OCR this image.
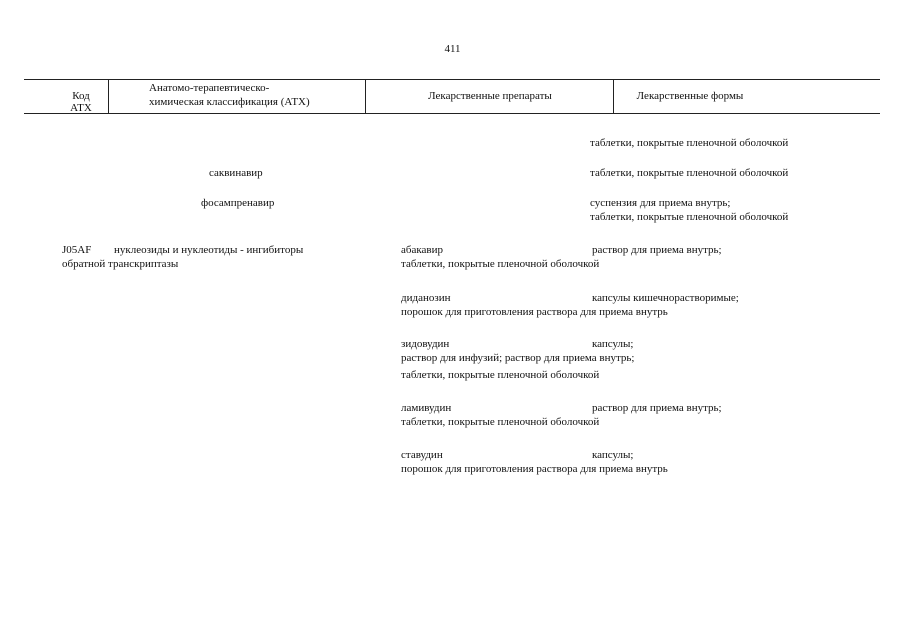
411
Код
АТХ
Анатомо-терапевтическо-
химическая классификация (АТХ)	Лекарственные препараты	Лекарственные формы
таблетки, покрытые пленочной оболочкой
саквинавир	таблетки, покрытые пленочной оболочкой
фосампренавир	суспензия для приема внутрь;
таблетки, покрытые пленочной оболочкой
J05AF нуклеозиды и нуклеотиды - ингибиторы
обратной транскриптазы
абакавир	раствор для приема внутрь;
таблетки, покрытые пленочной оболочкой
диданозин	капсулы кишечнорастворимые;
порошок для приготовления раствора для приема внутрь
зидовудин	капсулы;
раствор для инфузий; раствор для приема внутрь;
таблетки, покрытые пленочной оболочкой
ламивудин	раствор для приема внутрь;
таблетки, покрытые пленочной оболочкой
ставудин	капсулы;
порошок для приготовления раствора для приема внутрь
